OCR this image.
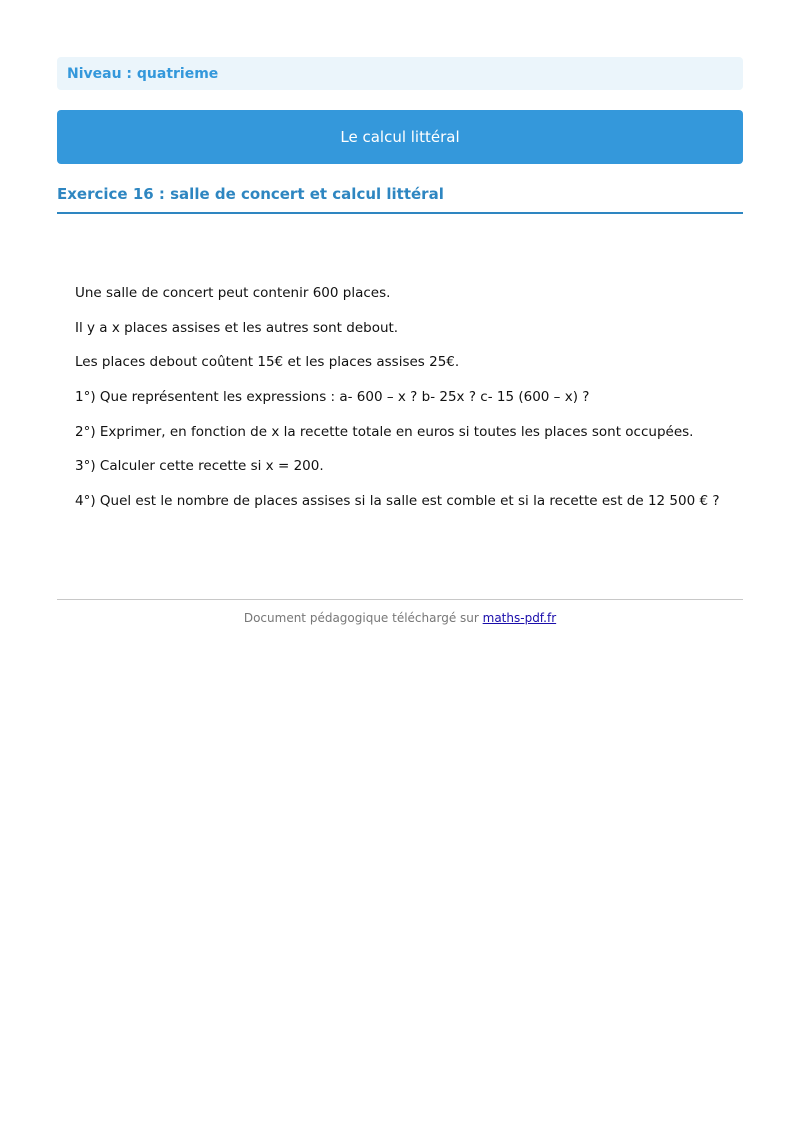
Niveau : quatrieme
Le calcul littéral
Exercice 16 : salle de concert et calcul littéral

Une salle de concert peut contenir 600 places.

Il y a x places assises et les autres sont debout.

Les places debout coûtent 15€ et les places assises 25€.

1°) Que représentent les expressions : a- 600 – x ? b- 25x ? c- 15 (600 – x) ?

2°) Exprimer, en fonction de x la recette totale en euros si toutes les places sont occupées.

3°) Calculer cette recette si x = 200.

4°) Quel est le nombre de places assises si la salle est comble et si la recette est de 12 500 € ?

Document pédagogique téléchargé sur maths-pdf.fr
